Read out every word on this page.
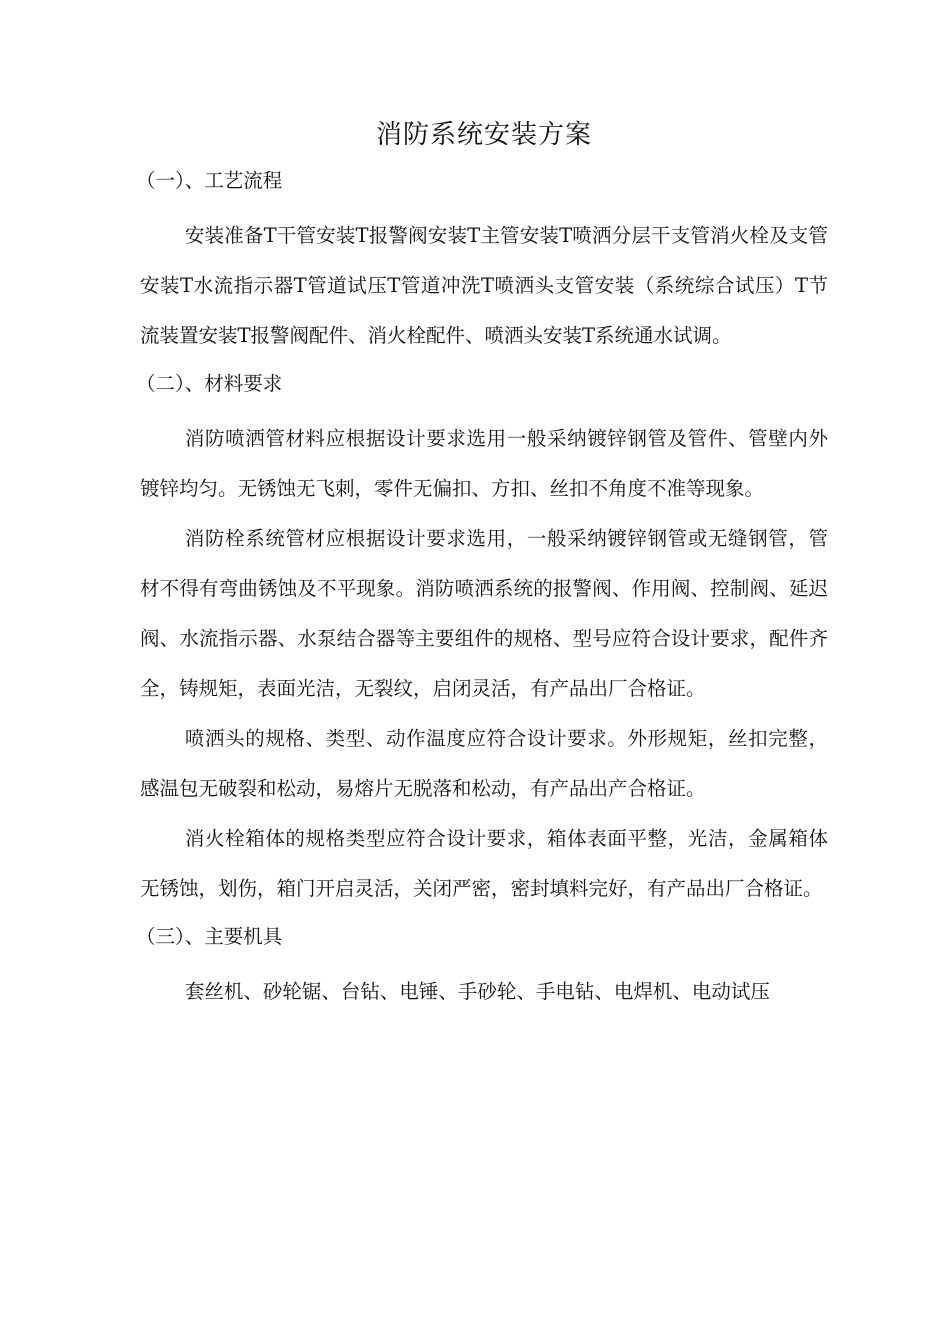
消防系统安装方案
（一）、工艺流程

安装准备T干管安装T报警阀安装T主管安装T喷洒分层干支管消火栓及支管安装T水流指示器T管道试压T管道冲洗T喷洒头支管安装（系统综合试压）T节流装置安装T报警阀配件、消火栓配件、喷洒头安装T系统通水试调。

（二）、材料要求

消防喷洒管材料应根据设计要求选用一般采纳镀锌钢管及管件、管壁内外镀锌均匀。无锈蚀无飞刺，零件无偏扣、方扣、丝扣不角度不准等现象。

消防栓系统管材应根据设计要求选用，一般采纳镀锌钢管或无缝钢管，管材不得有弯曲锈蚀及不平现象。消防喷洒系统的报警阀、作用阀、控制阀、延迟阀、水流指示器、水泵结合器等主要组件的规格、型号应符合设计要求，配件齐全，铸规矩，表面光洁，无裂纹，启闭灵活，有产品出厂合格证。

喷洒头的规格、类型、动作温度应符合设计要求。外形规矩，丝扣完整，感温包无破裂和松动，易熔片无脱落和松动，有产品出产合格证。

消火栓箱体的规格类型应符合设计要求，箱体表面平整，光洁，金属箱体无锈蚀，划伤，箱门开启灵活，关闭严密，密封填料完好，有产品出厂合格证。

（三）、主要机具

套丝机、砂轮锯、台钻、电锤、手砂轮、手电钻、电焊机、电动试压
